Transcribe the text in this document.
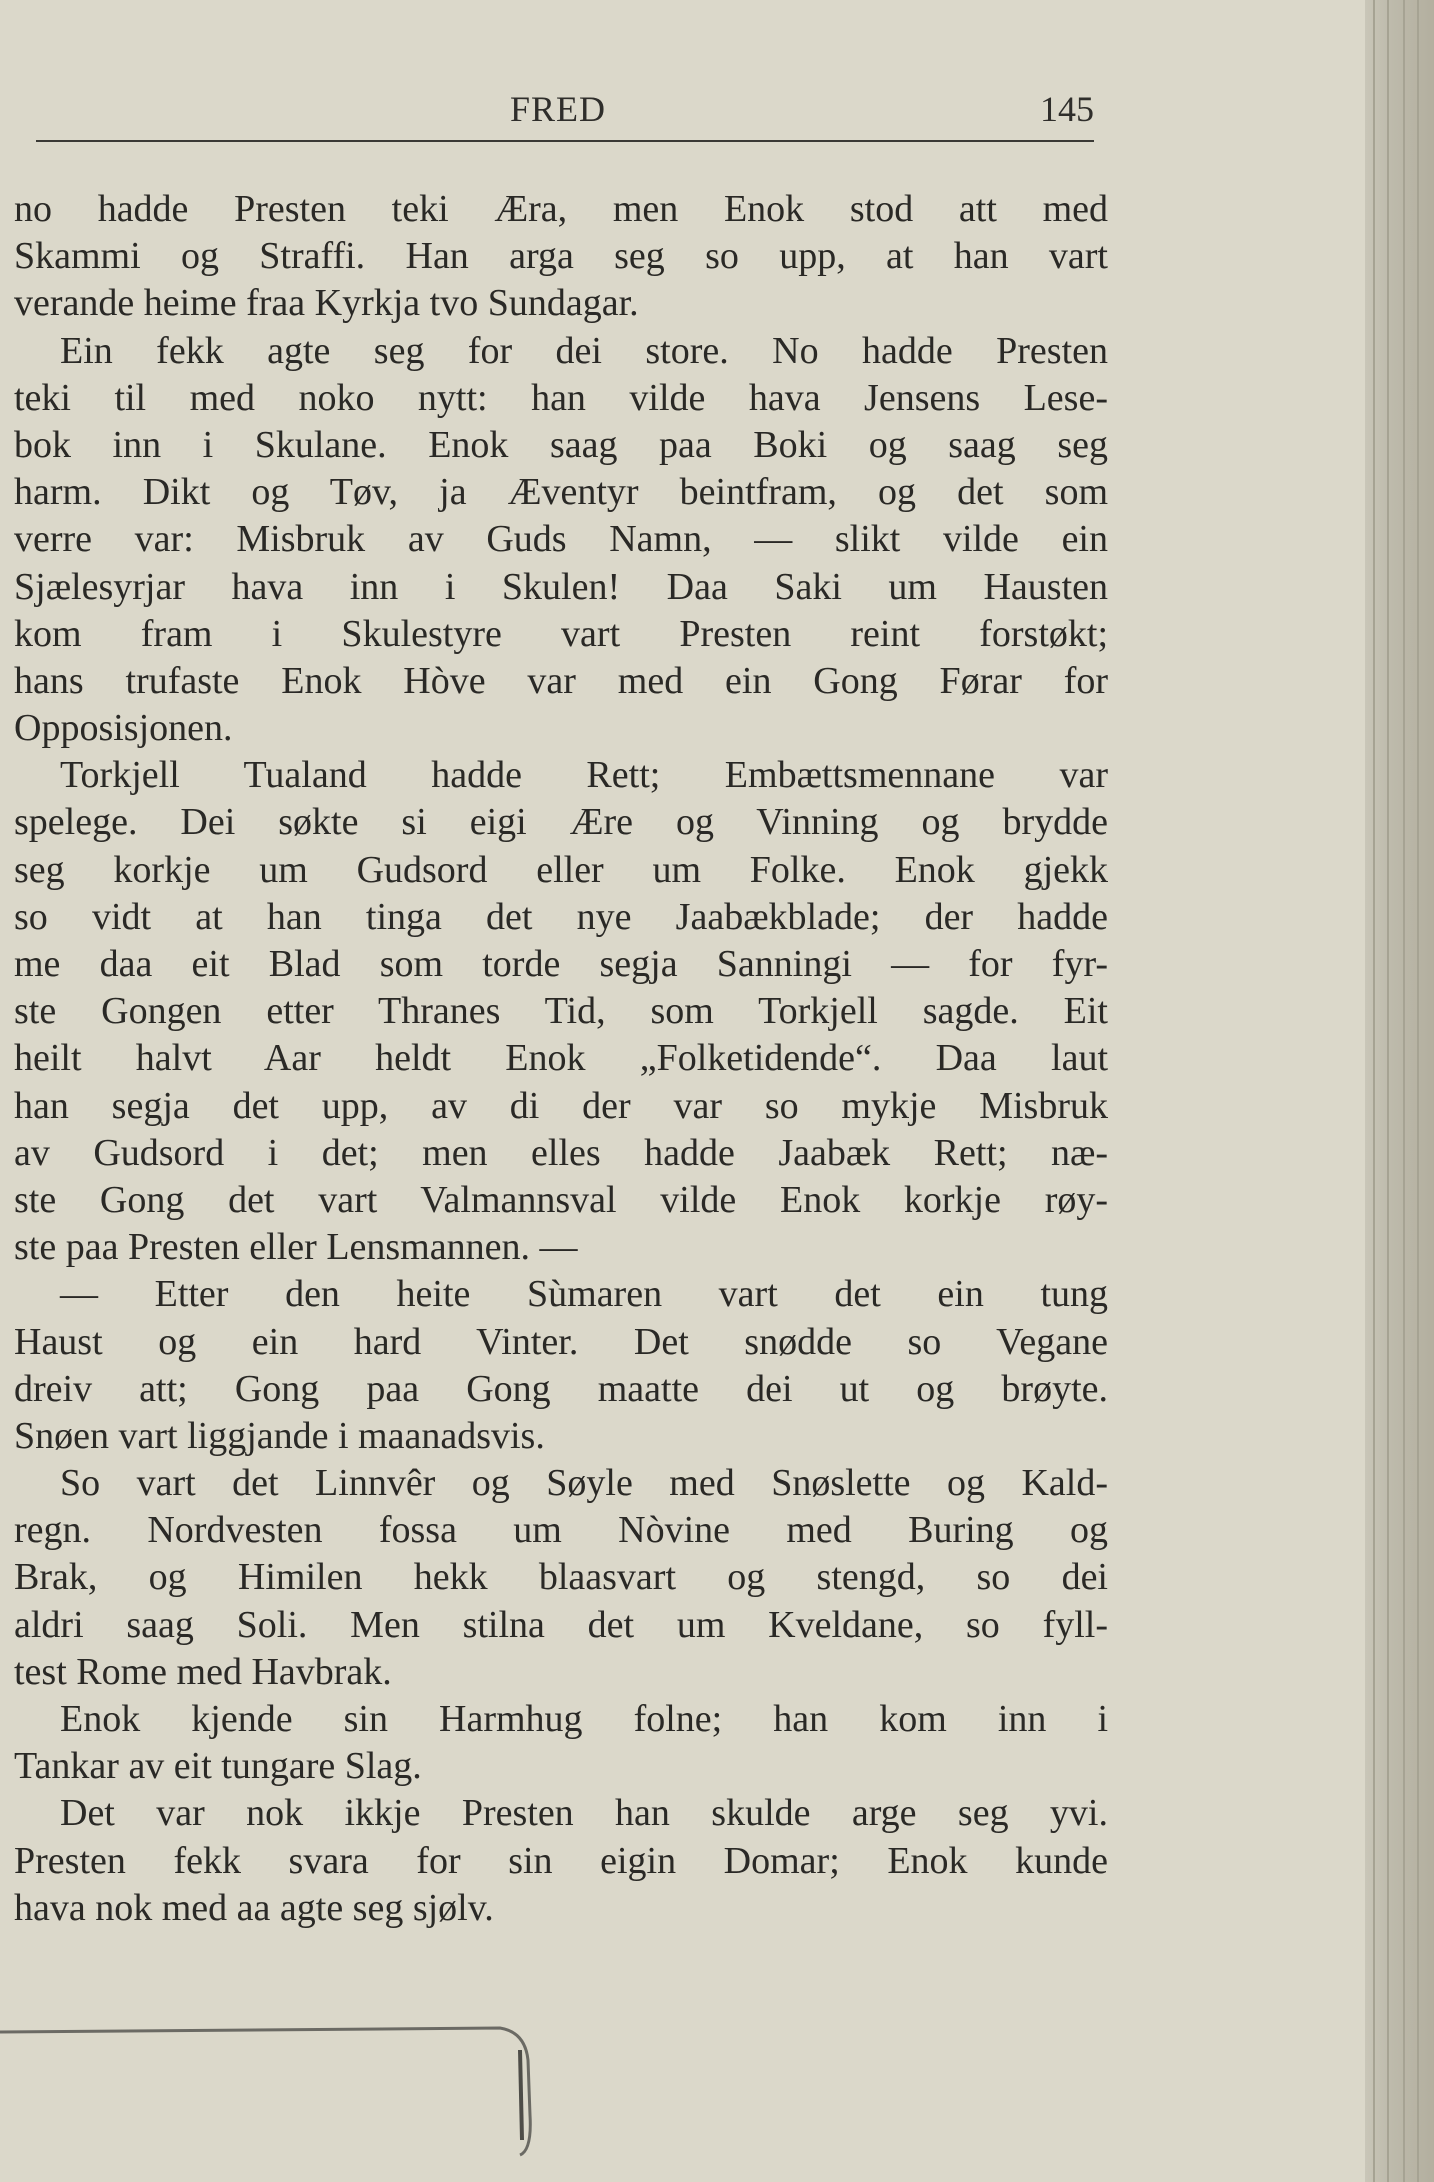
FRED	145
no hadde Presten teki Æra, men Enok stod att med
Skammi og Straffi. Han arga seg so upp, at han vart
verande heime fraa Kyrkja tvo Sundagar.
Ein fekk agte seg for dei store. No hadde Presten
teki til med noko nytt: han vilde hava Jensens Lese-
bok inn i Skulane. Enok saag paa Boki og saag seg
harm. Dikt og Tøv, ja Æventyr beintfram, og det som
verre var: Misbruk av Guds Namn, — slikt vilde ein
Sjælesyrjar hava inn i Skulen! Daa Saki um Hausten
kom fram i Skulestyre vart Presten reint forstøkt;
hans trufaste Enok Hòve var med ein Gong Førar for
Opposisjonen.
Torkjell Tualand hadde Rett; Embættsmennane var
spelege. Dei søkte si eigi Ære og Vinning og brydde
seg korkje um Gudsord eller um Folke. Enok gjekk
so vidt at han tinga det nye Jaabækblade; der hadde
me daa eit Blad som torde segja Sanningi — for fyr-
ste Gongen etter Thranes Tid, som Torkjell sagde. Eit
heilt halvt Aar heldt Enok „Folketidende“. Daa laut
han segja det upp, av di der var so mykje Misbruk
av Gudsord i det; men elles hadde Jaabæk Rett; næ-
ste Gong det vart Valmannsval vilde Enok korkje røy-
ste paa Presten eller Lensmannen. —
— Etter den heite Sùmaren vart det ein tung
Haust og ein hard Vinter. Det snødde so Vegane
dreiv att; Gong paa Gong maatte dei ut og brøyte.
Snøen vart liggjande i maanadsvis.
So vart det Linnvêr og Søyle med Snøslette og Kald-
regn. Nordvesten fossa um Nòvine med Buring og
Brak, og Himilen hekk blaasvart og stengd, so dei
aldri saag Soli. Men stilna det um Kveldane, so fyll-
test Rome med Havbrak.
Enok kjende sin Harmhug folne; han kom inn i
Tankar av eit tungare Slag.
Det var nok ikkje Presten han skulde arge seg yvi.
Presten fekk svara for sin eigin Domar; Enok kunde
hava nok med aa agte seg sjølv.
